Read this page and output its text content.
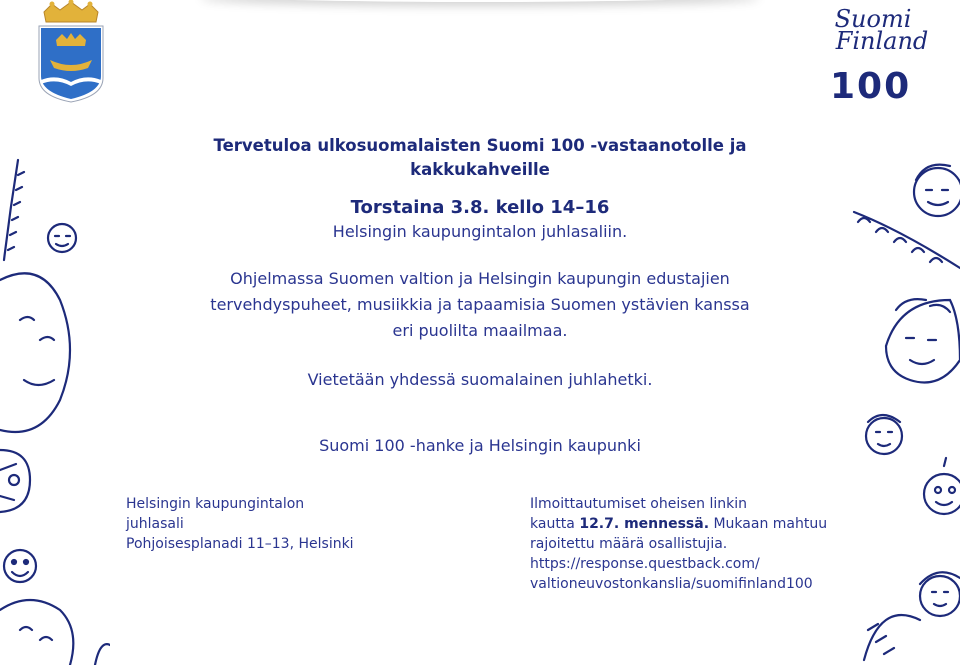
Suomi
Finland
100
Tervetuloa ulkosuomalaisten Suomi 100 -vastaanotolle ja kakkukahveille
Torstaina 3.8. kello 14–16
Helsingin kaupungintalon juhlasaliin.
Ohjelmassa Suomen valtion ja Helsingin kaupungin edustajien
tervehdyspuheet, musiikkia ja tapaamisia Suomen ystävien kanssa
eri puolilta maailmaa.
Vietetään yhdessä suomalainen juhlahetki.
Suomi 100 -hanke ja Helsingin kaupunki
Helsingin kaupungintalon
juhlasali
Pohjoisesplanadi 11–13, Helsinki
Ilmoittautumiset oheisen linkin
kautta 12.7. mennessä. Mukaan mahtuu
rajoitettu määrä osallistujia.
https://response.questback.com/
valtioneuvostonkanslia/suomifinland100
